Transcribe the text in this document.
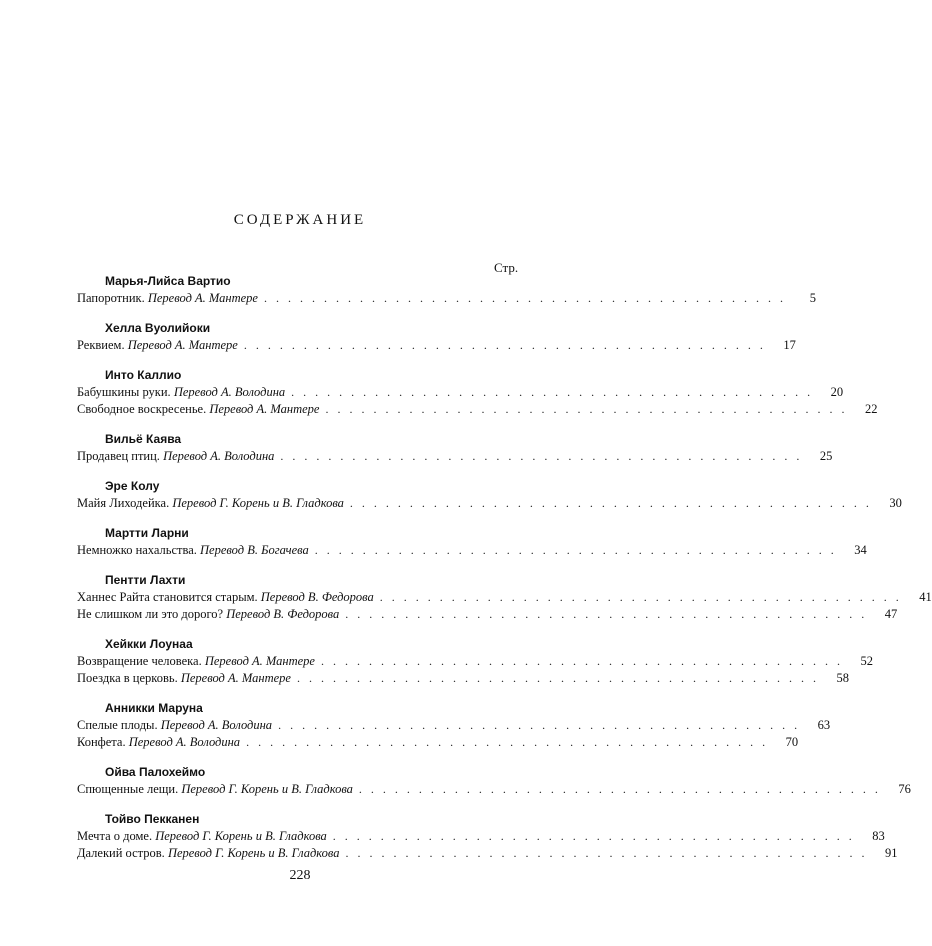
СОДЕРЖАНИЕ
Стр.
Марья-Лийса Вартио
Папоротник. Перевод А. Мантере . . . . . . . . . . . . . . . . . . . . . . . . . . . . . . . . . . . . . . . . . . . .	5
Хелла Вуолийоки
Реквием. Перевод А. Мантере . . . . . . . . . . . . . . . . . . . . . . . . . . . . . . . . . . . . . . . . . . . .	17
Инто Каллио
Бабушкины руки. Перевод А. Володина . . . . . . . . . . . . . . . . . . . . . . . . . . . . . . . . . . . . . . . . . . . .	20
Свободное воскресенье. Перевод А. Мантере . . . . . . . . . . . . . . . . . . . . . . . . . . . . . . . . . . . . . . . . . . . .	22
Вильё Каява
Продавец птиц. Перевод А. Володина . . . . . . . . . . . . . . . . . . . . . . . . . . . . . . . . . . . . . . . . . . . .	25
Эре Колу
Майя Лиходейка. Перевод Г. Корень и В. Гладкова . . . . . . . . . . . . . . . . . . . . . . . . . . . . . . . . . . . . . . . . . . . .	30
Мартти Ларни
Немножко нахальства. Перевод В. Богачева . . . . . . . . . . . . . . . . . . . . . . . . . . . . . . . . . . . . . . . . . . . .	34
Пентти Лахти
Ханнес Райта становится старым. Перевод В. Федорова . . . . . . . . . . . . . . . . . . . . . . . . . . . . . . . . . . . . . . . . . . . .	41
Не слишком ли это дорого? Перевод В. Федорова . . . . . . . . . . . . . . . . . . . . . . . . . . . . . . . . . . . . . . . . . . . .	47
Хейкки Лоунаа
Возвращение человека. Перевод А. Мантере . . . . . . . . . . . . . . . . . . . . . . . . . . . . . . . . . . . . . . . . . . . .	52
Поездка в церковь. Перевод А. Мантере . . . . . . . . . . . . . . . . . . . . . . . . . . . . . . . . . . . . . . . . . . . .	58
Анникки Маруна
Спелые плоды. Перевод А. Володина . . . . . . . . . . . . . . . . . . . . . . . . . . . . . . . . . . . . . . . . . . . .	63
Конфета. Перевод А. Володина . . . . . . . . . . . . . . . . . . . . . . . . . . . . . . . . . . . . . . . . . . . .	70
Ойва Палохеймо
Спющенные лещи. Перевод Г. Корень и В. Гладкова . . . . . . . . . . . . . . . . . . . . . . . . . . . . . . . . . . . . . . . . . . . .	76
Тойво Пекканен
Мечта о доме. Перевод Г. Корень и В. Гладкова . . . . . . . . . . . . . . . . . . . . . . . . . . . . . . . . . . . . . . . . . . . .	83
Далекий остров. Перевод Г. Корень и В. Гладкова . . . . . . . . . . . . . . . . . . . . . . . . . . . . . . . . . . . . . . . . . . . .	91
228
